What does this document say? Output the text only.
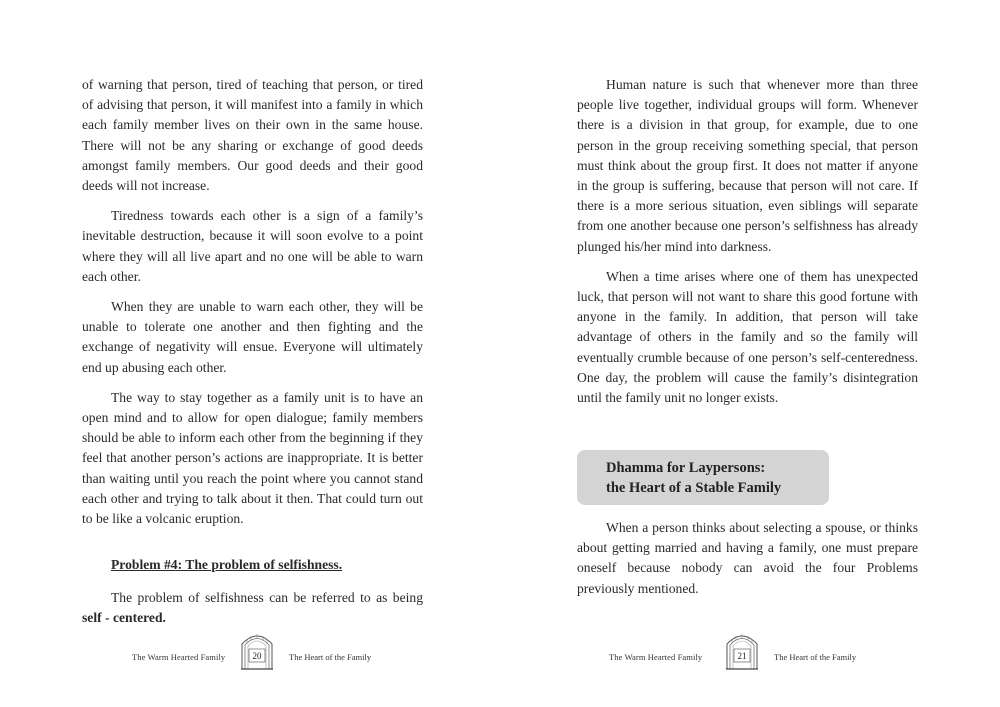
of warning that person, tired of teaching that person, or tired of advising that person, it will manifest into a family in which each family member lives on their own in the same house. There will not be any sharing or exchange of good deeds amongst family members. Our good deeds and their good deeds will not increase.

Tiredness towards each other is a sign of a family’s inevitable destruction, because it will soon evolve to a point where they will all live apart and no one will be able to warn each other.

When they are unable to warn each other, they will be unable to tolerate one another and then fighting and the exchange of negativity will ensue. Everyone will ultimately end up abusing each other.

The way to stay together as a family unit is to have an open mind and to allow for open dialogue; family members should be able to inform each other from the beginning if they feel that another person’s actions are inappropriate. It is better than waiting until you reach the point where you cannot stand each other and trying to talk about it then. That could turn out to be like a volcanic eruption.

Problem #4: The problem of selfishness.

The problem of selfishness can be referred to as being self - centered.

The Warm Hearted Family	20	The Heart of the Family

Human nature is such that whenever more than three people live together, individual groups will form. Whenever there is a division in that group, for example, due to one person in the group receiving something special, that person must think about the group first. It does not matter if anyone in the group is suffering, because that person will not care. If there is a more serious situation, even siblings will separate from one another because one person’s selfishness has already plunged his/her mind into darkness.

When a time arises where one of them has unexpected luck, that person will not want to share this good fortune with anyone in the family. In addition, that person will take advantage of others in the family and so the family will eventually crumble because of one person’s self-centeredness. One day, the problem will cause the family’s disintegration until the family unit no longer exists.

The Warm Hearted Family	21	The Heart of the Family
Dhamma for Laypersons:
the Heart of a Stable Family

When a person thinks about selecting a spouse, or thinks about getting married and having a family, one must prepare oneself because nobody can avoid the four Problems previously mentioned.
